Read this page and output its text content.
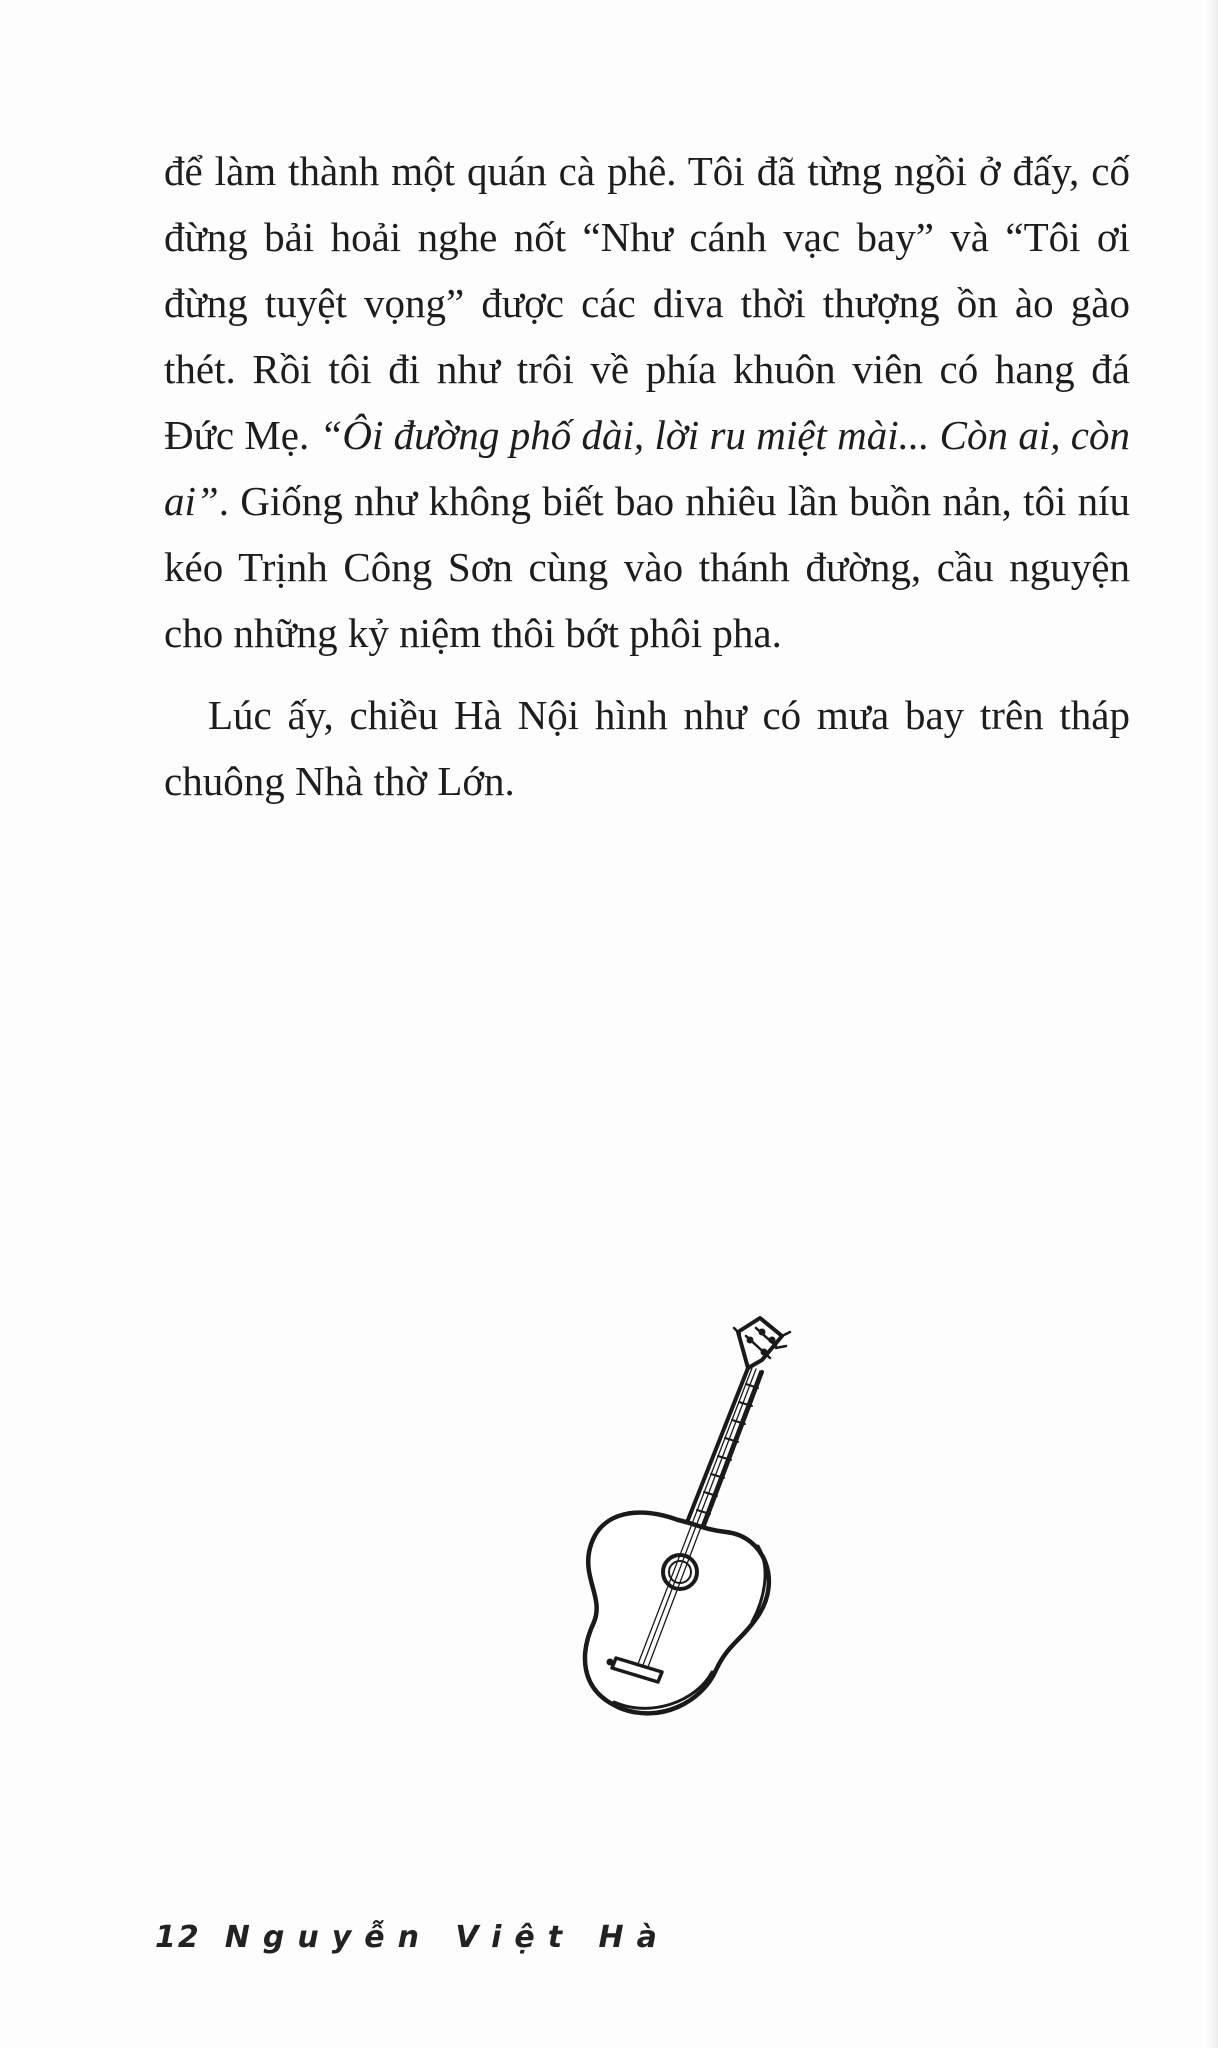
để làm thành một quán cà phê. Tôi đã từng ngồi ở đấy, cố đừng bải hoải nghe nốt “Như cánh vạc bay” và “Tôi ơi đừng tuyệt vọng” được các diva thời thượng ồn ào gào thét. Rồi tôi đi như trôi về phía khuôn viên có hang đá Đức Mẹ. “Ôi đường phố dài, lời ru miệt mài... Còn ai, còn ai”. Giống như không biết bao nhiêu lần buồn nản, tôi níu kéo Trịnh Công Sơn cùng vào thánh đường, cầu nguyện cho những kỷ niệm thôi bớt phôi pha.

Lúc ấy, chiều Hà Nội hình như có mưa bay trên tháp chuông Nhà thờ Lớn.

12 Nguyễn Việt Hà
